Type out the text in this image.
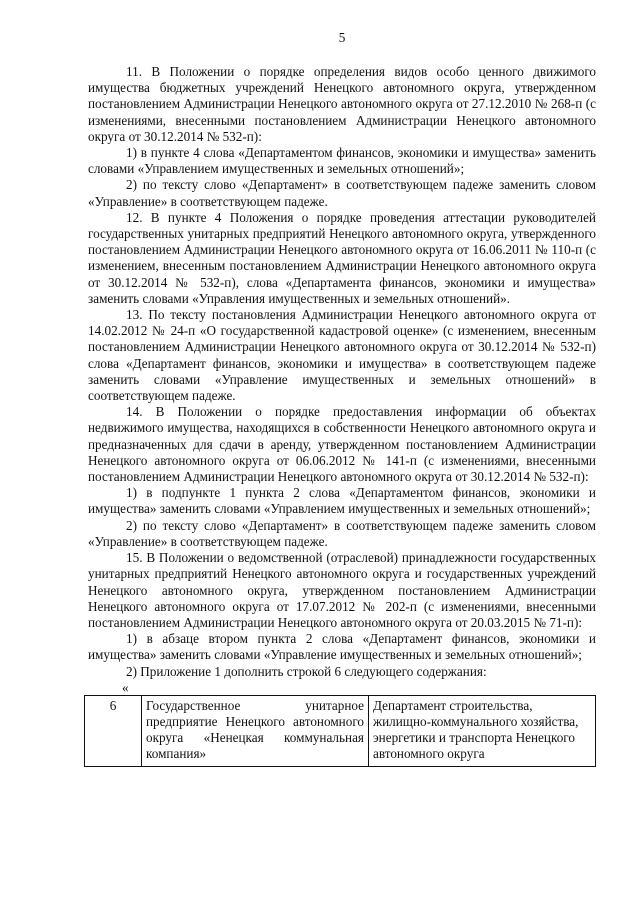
5

11. В Положении о порядке определения видов особо ценного движимого имущества бюджетных учреждений Ненецкого автономного округа, утвержденном постановлением Администрации Ненецкого автономного округа от 27.12.2010 № 268-п (с изменениями, внесенными постановлением Администрации Ненецкого автономного округа от 30.12.2014 № 532-п):

1) в пункте 4 слова «Департаментом финансов, экономики и имущества» заменить словами «Управлением имущественных и земельных отношений»;

2) по тексту слово «Департамент» в соответствующем падеже заменить словом «Управление» в соответствующем падеже.

12. В пункте 4 Положения о порядке проведения аттестации руководителей государственных унитарных предприятий Ненецкого автономного округа, утвержденного постановлением Администрации Ненецкого автономного округа от 16.06.2011 № 110-п (с изменением, внесенным постановлением Администрации Ненецкого автономного округа от 30.12.2014 № 532-п), слова «Департамента финансов, экономики и имущества» заменить словами «Управления имущественных и земельных отношений».

13. По тексту постановления Администрации Ненецкого автономного округа от 14.02.2012 № 24-п «О государственной кадастровой оценке» (с изменением, внесенным постановлением Администрации Ненецкого автономного округа от 30.12.2014 № 532-п) слова «Департамент финансов, экономики и имущества» в соответствующем падеже заменить словами «Управление имущественных и земельных отношений» в соответствующем падеже.

14. В Положении о порядке предоставления информации об объектах недвижимого имущества, находящихся в собственности Ненецкого автономного округа и предназначенных для сдачи в аренду, утвержденном постановлением Администрации Ненецкого автономного округа от 06.06.2012 № 141-п (с изменениями, внесенными постановлением Администрации Ненецкого автономного округа от 30.12.2014 № 532-п):

1) в подпункте 1 пункта 2 слова «Департаментом финансов, экономики и имущества» заменить словами «Управлением имущественных и земельных отношений»;

2) по тексту слово «Департамент» в соответствующем падеже заменить словом «Управление» в соответствующем падеже.

15. В Положении о ведомственной (отраслевой) принадлежности государственных унитарных предприятий Ненецкого автономного округа и государственных учреждений Ненецкого автономного округа, утвержденном постановлением Администрации Ненецкого автономного округа от 17.07.2012 № 202-п (с изменениями, внесенными постановлением Администрации Ненецкого автономного округа от 20.03.2015 № 71-п):

1) в абзаце втором пункта 2 слова «Департамент финансов, экономики и имущества» заменить словами «Управление имущественных и земельных отношений»;

2) Приложение 1 дополнить строкой 6 следующего содержания:

«
6	Государственное унитарное предприятие Ненецкого автономного округа «Ненецкая коммунальная компания»	Департамент строительства, жилищно-коммунального хозяйства, энергетики и транспорта Ненецкого автономного округа
